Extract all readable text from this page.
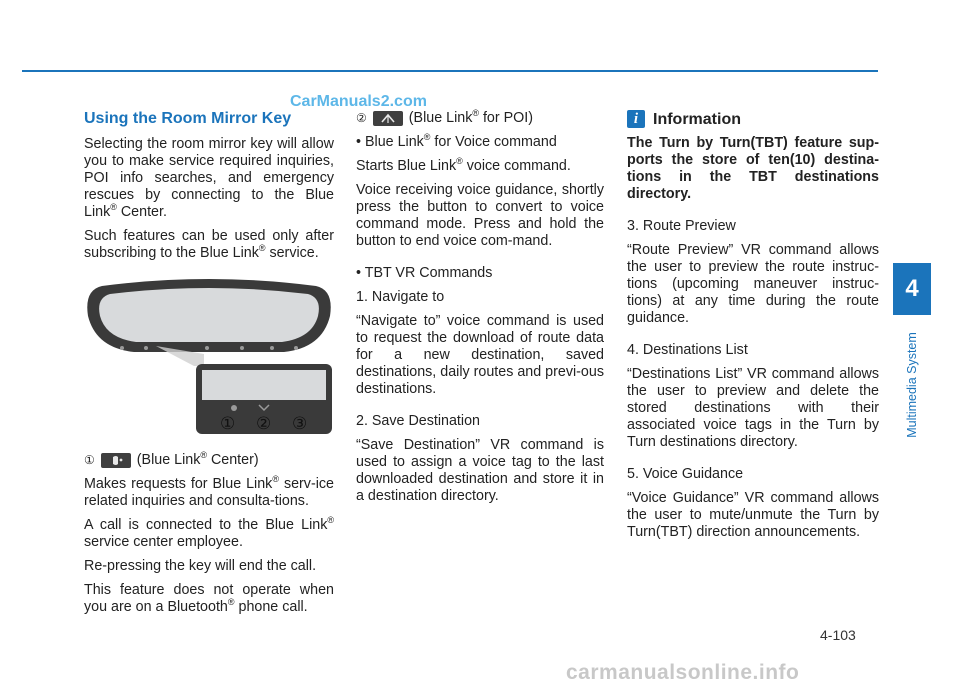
CarManuals2.com
Using the Room Mirror Key

Selecting the room mirror key will allow you to make service required inquiries, POI info searches, and emergency rescues by connecting to the Blue Link® Center.

Such features can be used only after subscribing to the Blue Link® service.

① ② ③
①	(Blue Link® Center)

Makes requests for Blue Link® serv-ice related inquiries and consulta-tions.

A call is connected to the Blue Link® service center employee.

Re-pressing the key will end the call.

This feature does not operate when you are on a Bluetooth® phone call.

②	(Blue Link® for POI)

• Blue Link® for Voice command

Starts Blue Link® voice command.

Voice receiving voice guidance, shortly press the button to convert to voice command mode. Press and hold the button to end voice com-mand.

• TBT VR Commands

1. Navigate to

“Navigate to” voice command is used to request the download of route data for a new destination, saved destinations, daily routes and previ-ous destinations.

2. Save Destination

“Save Destination” VR command is used to assign a voice tag to the last downloaded destination and store it in a destination directory.

i Information

The Turn by Turn(TBT) feature sup-ports the store of ten(10) destina-tions in the TBT destinations directory.

3. Route Preview

“Route Preview” VR command allows the user to preview the route instruc-tions (upcoming maneuver instruc-tions) at any time during the route guidance.

4. Destinations List

“Destinations List” VR command allows the user to preview and delete the stored destinations with their associated voice tags in the Turn by Turn destinations directory.

5. Voice Guidance

“Voice Guidance” VR command allows the user to mute/unmute the Turn by Turn(TBT) direction announcements.

4
Multimedia System
4-103
carmanualsonline.info
